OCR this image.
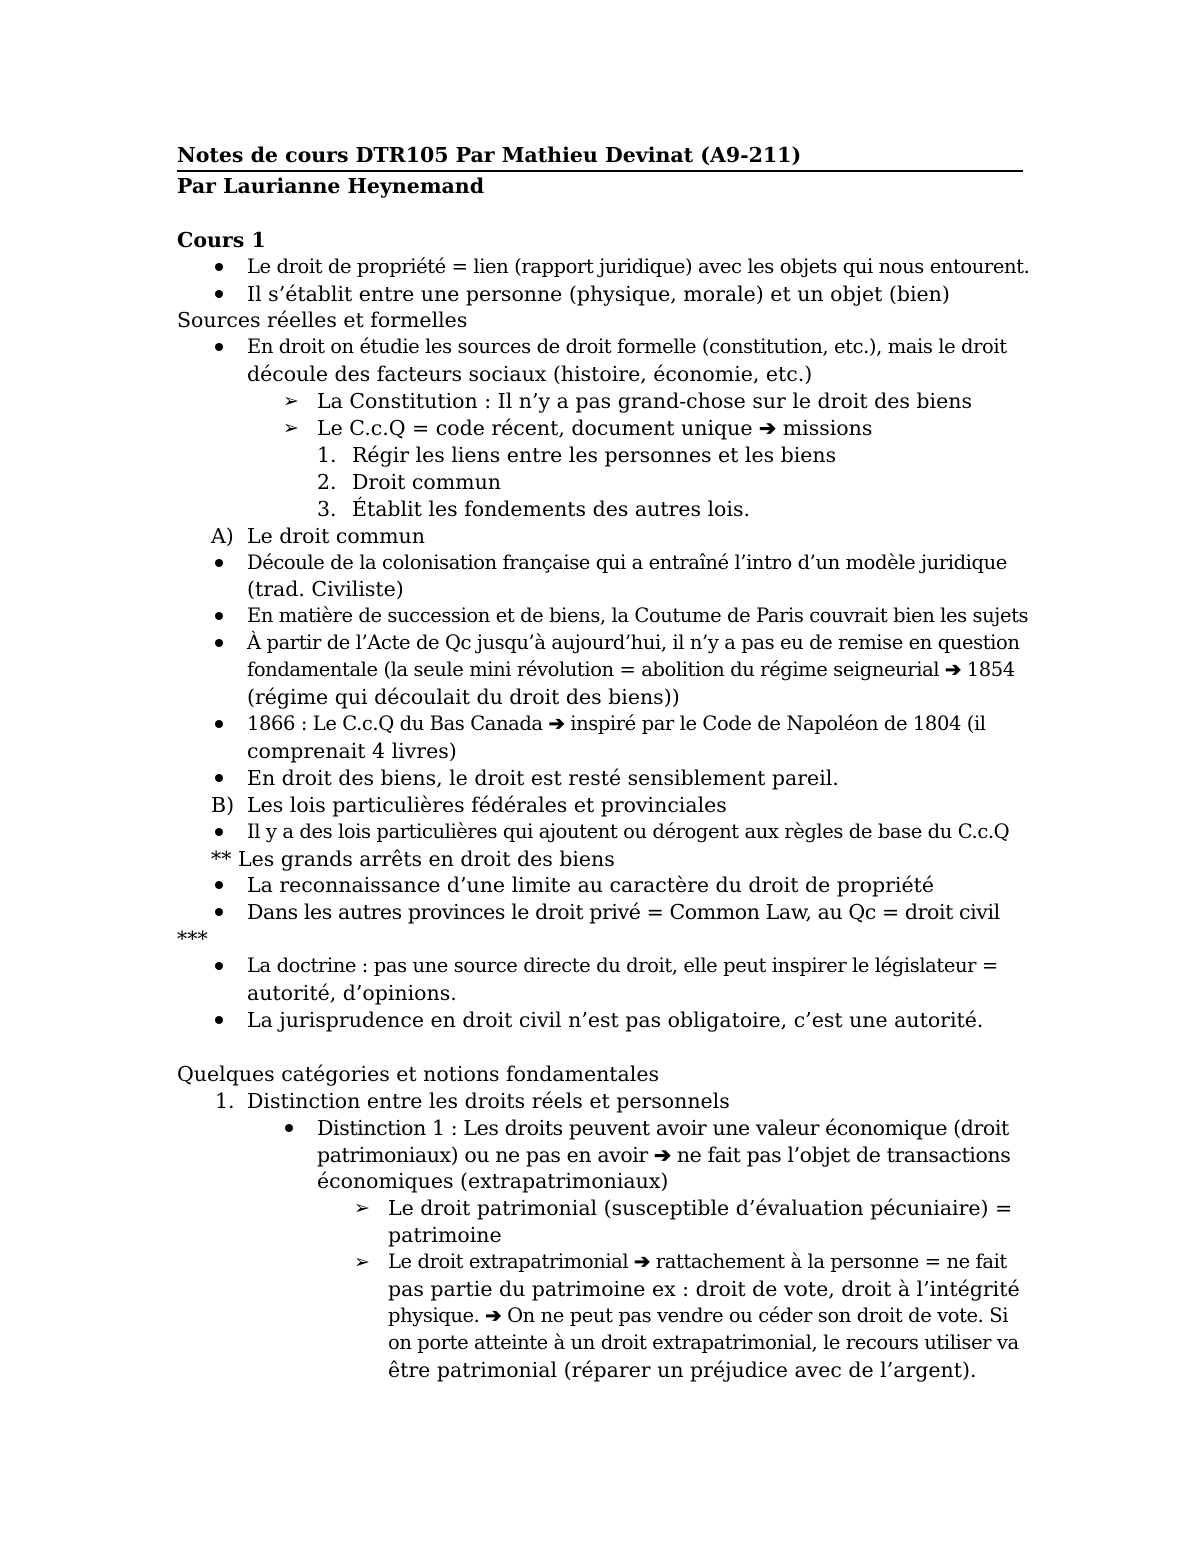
Notes de cours DTR105 Par Mathieu Devinat (A9-211)
Par Laurianne Heynemand
Cours 1
Le droit de propriété = lien (rapport juridique) avec les objets qui nous entourent.
Il s’établit entre une personne (physique, morale) et un objet (bien)
Sources réelles et formelles
En droit on étudie les sources de droit formelle (constitution, etc.), mais le droit
découle des facteurs sociaux (histoire, économie, etc.)
➢ La Constitution : Il n’y a pas grand-chose sur le droit des biens
➢ Le C.c.Q = code récent, document unique ➔ missions
1. Régir les liens entre les personnes et les biens
2. Droit commun
3. Établit les fondements des autres lois.
A) Le droit commun
Découle de la colonisation française qui a entraîné l’intro d’un modèle juridique
(trad. Civiliste)
En matière de succession et de biens, la Coutume de Paris couvrait bien les sujets
À partir de l’Acte de Qc jusqu’à aujourd’hui, il n’y a pas eu de remise en question
fondamentale (la seule mini révolution = abolition du régime seigneurial ➔ 1854
(régime qui découlait du droit des biens))
1866 : Le C.c.Q du Bas Canada ➔ inspiré par le Code de Napoléon de 1804 (il
comprenait 4 livres)
En droit des biens, le droit est resté sensiblement pareil.
B) Les lois particulières fédérales et provinciales
Il y a des lois particulières qui ajoutent ou dérogent aux règles de base du C.c.Q
** Les grands arrêts en droit des biens
La reconnaissance d’une limite au caractère du droit de propriété
Dans les autres provinces le droit privé = Common Law, au Qc = droit civil
***
La doctrine : pas une source directe du droit, elle peut inspirer le législateur =
autorité, d’opinions.
La jurisprudence en droit civil n’est pas obligatoire, c’est une autorité.
Quelques catégories et notions fondamentales
1. Distinction entre les droits réels et personnels
Distinction 1 : Les droits peuvent avoir une valeur économique (droit
patrimoniaux) ou ne pas en avoir ➔ ne fait pas l’objet de transactions
économiques (extrapatrimoniaux)
➢ Le droit patrimonial (susceptible d’évaluation pécuniaire) =
patrimoine
➢ Le droit extrapatrimonial ➔ rattachement à la personne = ne fait
pas partie du patrimoine ex : droit de vote, droit à l’intégrité
physique. ➔ On ne peut pas vendre ou céder son droit de vote. Si
on porte atteinte à un droit extrapatrimonial, le recours utiliser va
être patrimonial (réparer un préjudice avec de l’argent).
